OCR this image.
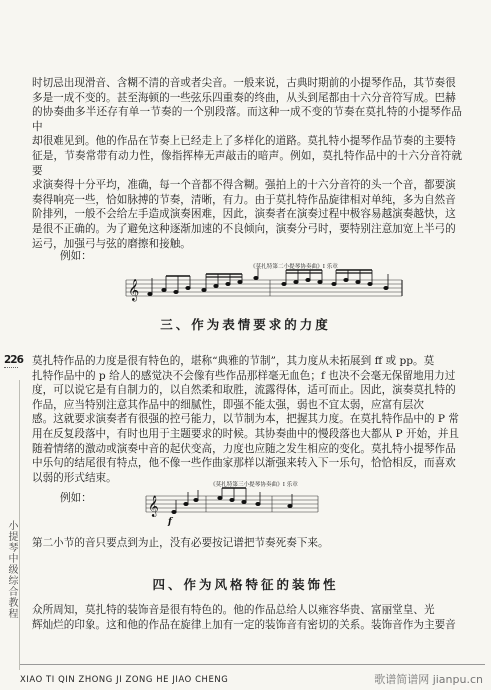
226
小提琴中级综合教程

时切忌出现滑音、含糊不清的音或者尖音。一般来说，古典时期前的小提琴作品，其节奏很
多是一成不变的。甚至海顿的一些弦乐四重奏的终曲，从头到尾都由十六分音符写成。巴赫
的协奏曲多半还存有单一节奏的一个别段落。而这种一成不变的节奏在莫扎特的小提琴作品中
却很难见到。他的作品在节奏上已经走上了多样化的道路。莫扎特小提琴作品节奏的主要特
征是，节奏常带有动力性，像指挥棒无声敲击的暗声。例如，莫扎特作品中的十六分音符就要
求演奏得十分平均，准确，每一个音都不得含糊。强拍上的十六分音符的头一个音，都要演
奏得响亮一些，恰如脉搏的节奏，清晰，有力。由于莫扎特作品旋律相对单纯，多为自然音
阶排列，一般不会给左手造成演奏困难，因此，演奏者在演奏过程中极容易越演奏越快，这
是很不正确的。为了避免这种逐渐加速的不良倾向，演奏分弓时，要特别注意加宽上半弓的
运弓，加强弓与弦的磨擦和接触。

例如：
《莫扎特第二小提琴协奏曲》I 乐章
𝄞
三、作为表情要求的力度

莫扎特作品的力度是很有特色的，堪称“典雅的节制”，其力度从未拓展到 ff 或 pp。莫
扎特作品中的 p 给人的感觉决不会像有些作品那样毫无血色；f 也决不会毫无保留地用力过
度，可以说它是有自制力的，以自然柔和取胜，流露得体，适可而止。因此，演奏莫扎特的
作品，应当特别注意其作品中的细腻性，即强不能太强，弱也不宜太弱，应富有层次
感。这就要求演奏者有很强的控弓能力，以节制为本，把握其力度。在莫扎特作品中的 P 常
用在反复段落中，有时也用于主题要求的时候。其协奏曲中的慢段落也大都从 P 开始，并且
随着情绪的激动或演奏中音的起伏变高，力度也应随之发生相应的变化。莫扎特小提琴作品
中乐句的结尾很有特点，他不像一些作曲家那样以渐强来转入下一乐句，恰恰相反，而喜欢
以弱的形式结束。

例如：
《莫扎特第三小提琴协奏曲》I 乐章
𝄞
f

第二小节的音只要点到为止，没有必要按记谱把节奏死奏下来。

四、作为风格特征的装饰性

众所周知，莫扎特的装饰音是很有特色的。他的作品总给人以雍容华贵、富丽堂皇、光
辉灿烂的印象。这和他的作品在旋律上加有一定的装饰音有密切的关系。装饰音作为主要音

XIAO TI QIN ZHONG JI ZONG HE JIAO CHENG	歌谱简谱网 jianpu.cn
